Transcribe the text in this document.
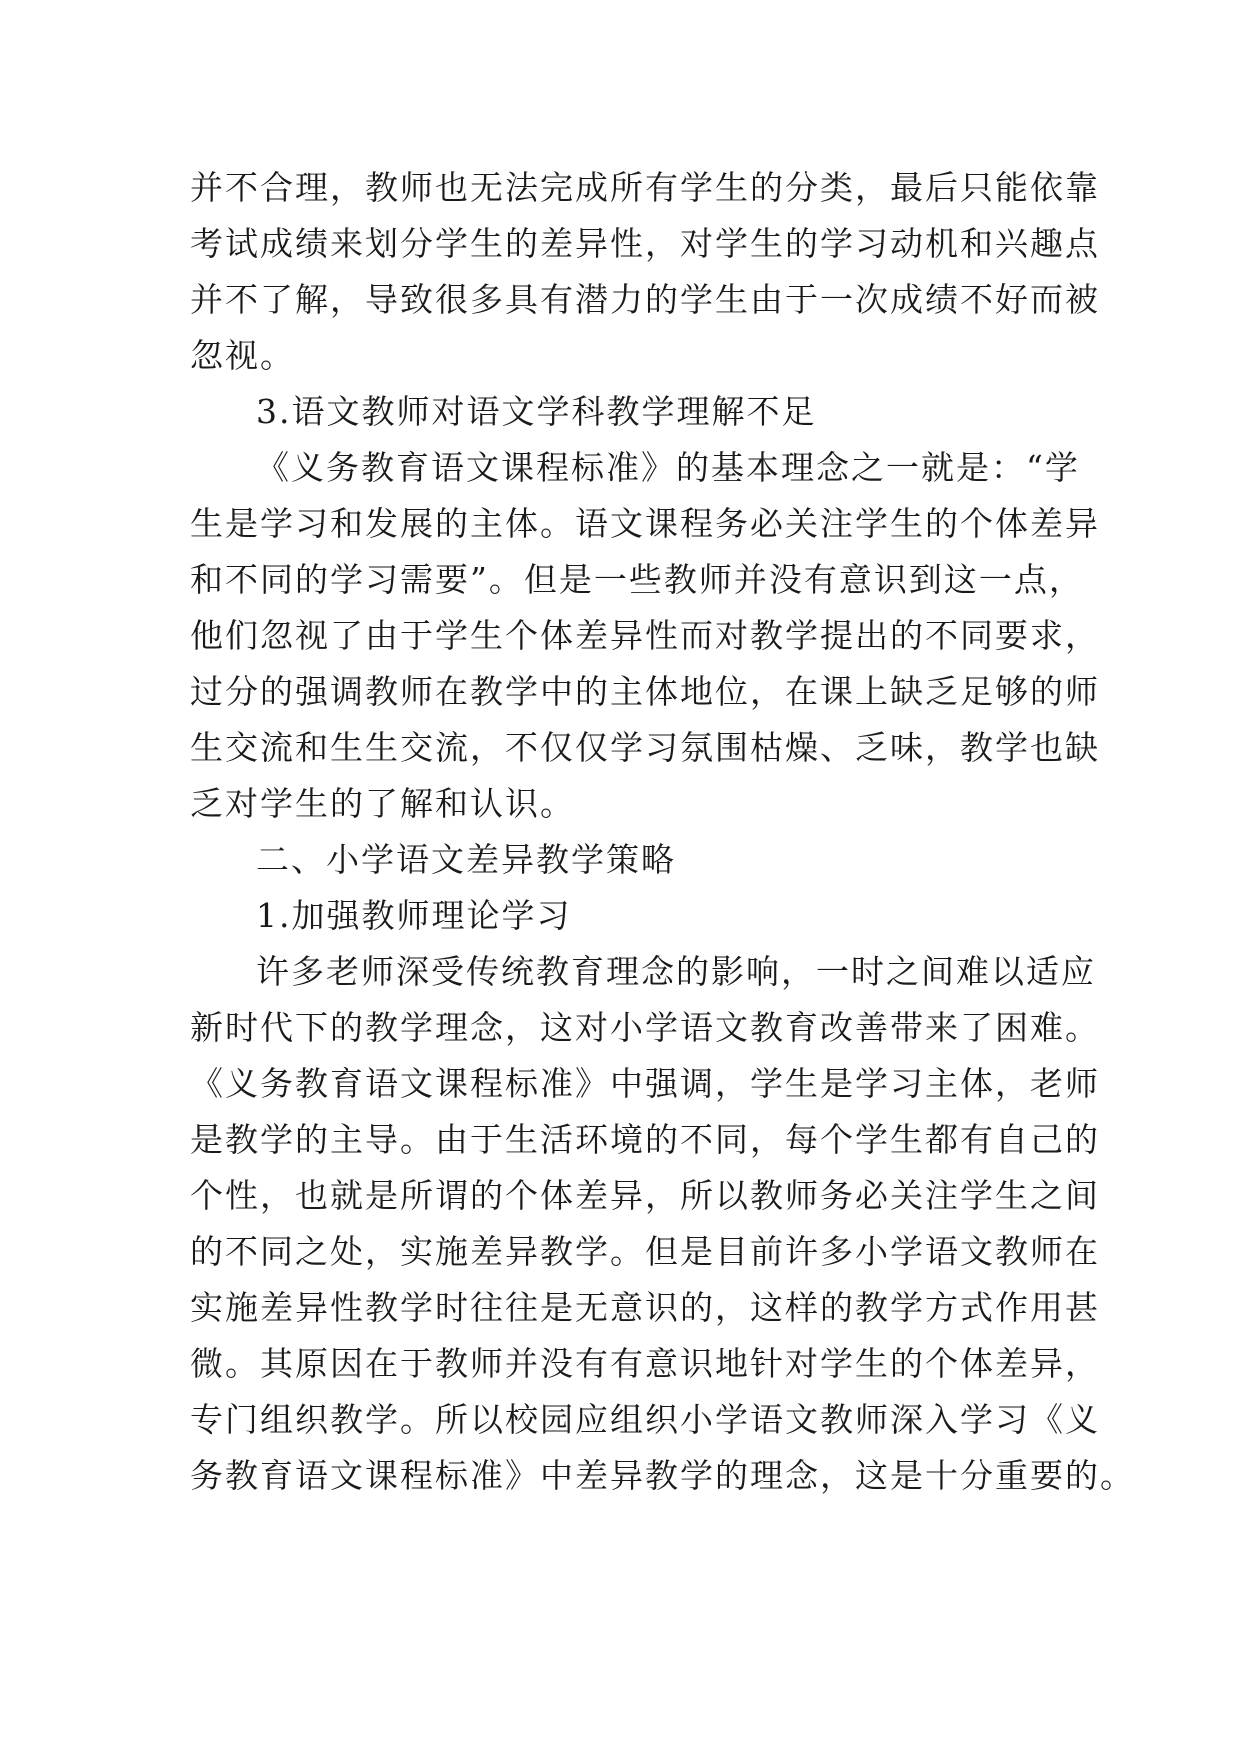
并不合理，教师也无法完成所有学生的分类，最后只能依靠
考试成绩来划分学生的差异性，对学生的学习动机和兴趣点
并不了解，导致很多具有潜力的学生由于一次成绩不好而被
忽视。
3.语文教师对语文学科教学理解不足
《义务教育语文课程标准》的基本理念之一就是：“学
生是学习和发展的主体。语文课程务必关注学生的个体差异
和不同的学习需要”。但是一些教师并没有意识到这一点，
他们忽视了由于学生个体差异性而对教学提出的不同要求，
过分的强调教师在教学中的主体地位，在课上缺乏足够的师
生交流和生生交流，不仅仅学习氛围枯燥、乏味，教学也缺
乏对学生的了解和认识。
二、小学语文差异教学策略
1.加强教师理论学习
许多老师深受传统教育理念的影响，一时之间难以适应
新时代下的教学理念，这对小学语文教育改善带来了困难。
《义务教育语文课程标准》中强调，学生是学习主体，老师
是教学的主导。由于生活环境的不同，每个学生都有自己的
个性，也就是所谓的个体差异，所以教师务必关注学生之间
的不同之处，实施差异教学。但是目前许多小学语文教师在
实施差异性教学时往往是无意识的，这样的教学方式作用甚
微。其原因在于教师并没有有意识地针对学生的个体差异，
专门组织教学。所以校园应组织小学语文教师深入学习《义
务教育语文课程标准》中差异教学的理念，这是十分重要的。
